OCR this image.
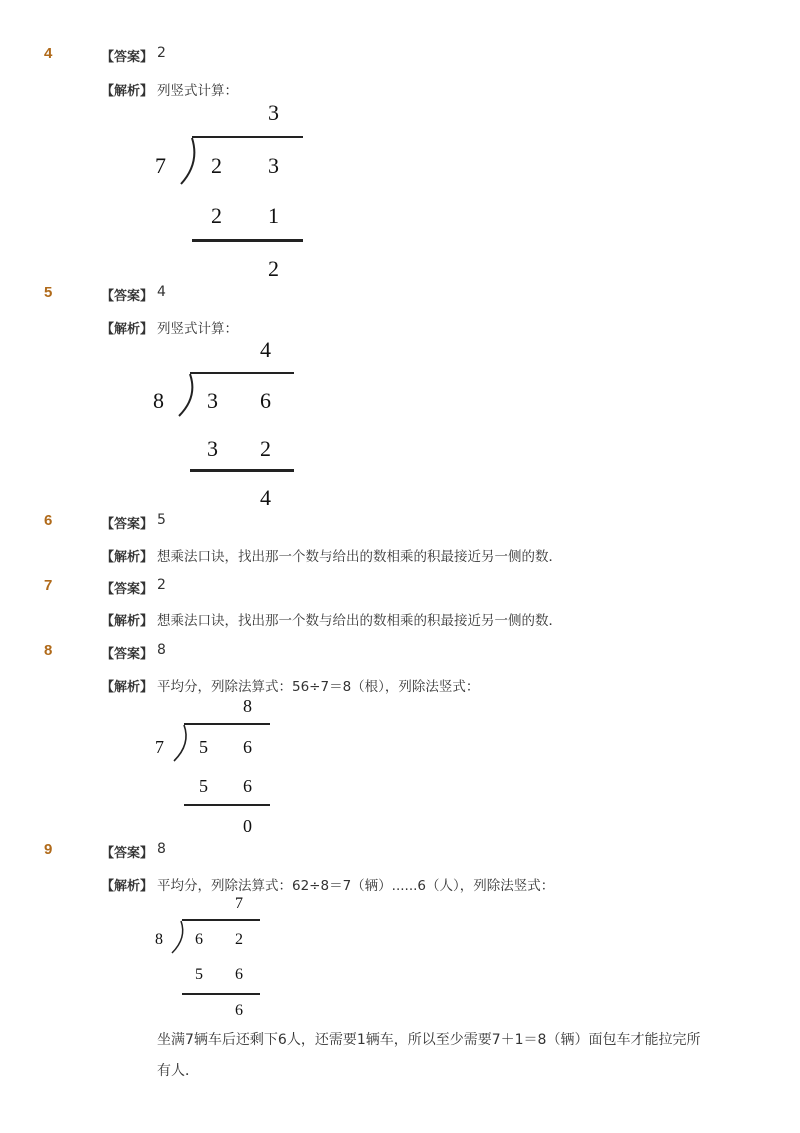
4	【答案】 2
【解析】 列竖式计算：
3
7 2 3
2 1
2
5	【答案】 4
【解析】 列竖式计算：
4
8 3 6
3 2
4
6	【答案】 5
【解析】 想乘法口诀，找出那一个数与给出的数相乘的积最接近另一侧的数．
7	【答案】 2
【解析】 想乘法口诀，找出那一个数与给出的数相乘的积最接近另一侧的数．
8	【答案】 8
【解析】 平均分，列除法算式：56÷7＝8（根），列除法竖式：
8
7 5 6
5 6
0
9	【答案】 8
【解析】 平均分，列除法算式：62÷8＝7（辆）......6（人），列除法竖式：
7
8 6 2
5 6
6
坐满7辆车后还剩下6人，还需要1辆车，所以至少需要7＋1＝8（辆）面包车才能拉完所
有人．
